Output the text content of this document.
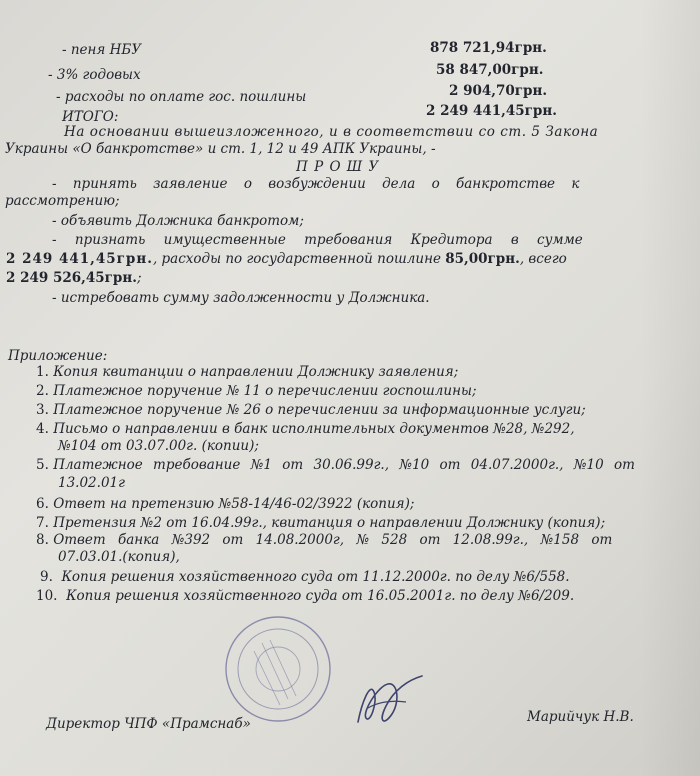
- пеня НБУ	878 721,94грн.
- 3% годовых	58 847,00грн.
- расходы по оплате гос. пошлины	2 904,70грн.
ИТОГО:	2 249 441,45грн.
На основании вышеизложенного, и в соответствии со ст. 5 Закона
Украины «О банкротстве» и ст. 1, 12 и 49 АПК Украины, -
П Р О Ш У
- принять заявление о возбуждении дела о банкротстве к
рассмотрению;
- объявить Должника банкротом;
- признать имущественные требования Кредитора в сумме
2 249 441,45грн., расходы по государственной пошлине 85,00грн., всего
2 249 526,45грн.;
- истребовать сумму задолженности у Должника.
Приложение:
1. Копия квитанции о направлении Должнику заявления;
2. Платежное поручение № 11 о перечислении госпошлины;
3. Платежное поручение № 26 о перечислении за информационные услуги;
4. Письмо о направлении в банк исполнительных документов №28, №292,
№104 от 03.07.00г. (копии);
5. Платежное требование №1 от 30.06.99г., №10 от 04.07.2000г., №10 от
13.02.01г
6. Ответ на претензию №58-14/46-02/3922 (копия);
7. Претензия №2 от 16.04.99г., квитанция о направлении Должнику (копия);
8. Ответ банка №392 от 14.08.2000г, № 528 от 12.08.99г., №158 от
07.03.01.(копия),
9. Копия решения хозяйственного суда от 11.12.2000г. по делу №6/558.
10. Копия решения хозяйственного суда от 16.05.2001г. по делу №6/209.
Директор ЧПФ «Прамснаб»	Марийчук Н.В.
